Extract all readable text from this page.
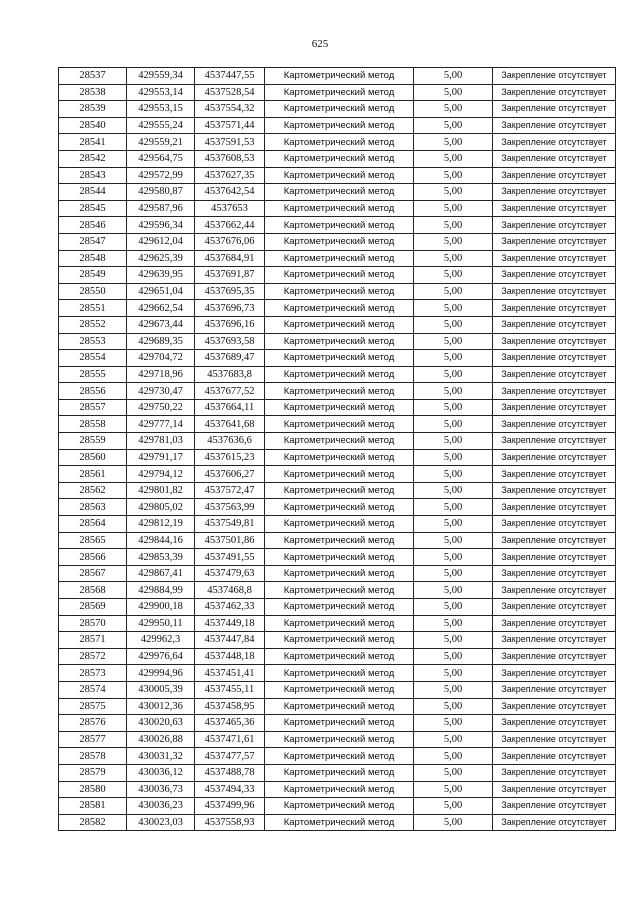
625
28537	429559,34	4537447,55	Картометрический метод	5,00	Закрепление отсутствует
28538	429553,14	4537528,54	Картометрический метод	5,00	Закрепление отсутствует
28539	429553,15	4537554,32	Картометрический метод	5,00	Закрепление отсутствует
28540	429555,24	4537571,44	Картометрический метод	5,00	Закрепление отсутствует
28541	429559,21	4537591,53	Картометрический метод	5,00	Закрепление отсутствует
28542	429564,75	4537608,53	Картометрический метод	5,00	Закрепление отсутствует
28543	429572,99	4537627,35	Картометрический метод	5,00	Закрепление отсутствует
28544	429580,87	4537642,54	Картометрический метод	5,00	Закрепление отсутствует
28545	429587,96	4537653	Картометрический метод	5,00	Закрепление отсутствует
28546	429596,34	4537662,44	Картометрический метод	5,00	Закрепление отсутствует
28547	429612,04	4537676,06	Картометрический метод	5,00	Закрепление отсутствует
28548	429625,39	4537684,91	Картометрический метод	5,00	Закрепление отсутствует
28549	429639,95	4537691,87	Картометрический метод	5,00	Закрепление отсутствует
28550	429651,04	4537695,35	Картометрический метод	5,00	Закрепление отсутствует
28551	429662,54	4537696,73	Картометрический метод	5,00	Закрепление отсутствует
28552	429673,44	4537696,16	Картометрический метод	5,00	Закрепление отсутствует
28553	429689,35	4537693,58	Картометрический метод	5,00	Закрепление отсутствует
28554	429704,72	4537689,47	Картометрический метод	5,00	Закрепление отсутствует
28555	429718,96	4537683,8	Картометрический метод	5,00	Закрепление отсутствует
28556	429730,47	4537677,52	Картометрический метод	5,00	Закрепление отсутствует
28557	429750,22	4537664,11	Картометрический метод	5,00	Закрепление отсутствует
28558	429777,14	4537641,68	Картометрический метод	5,00	Закрепление отсутствует
28559	429781,03	4537636,6	Картометрический метод	5,00	Закрепление отсутствует
28560	429791,17	4537615,23	Картометрический метод	5,00	Закрепление отсутствует
28561	429794,12	4537606,27	Картометрический метод	5,00	Закрепление отсутствует
28562	429801,82	4537572,47	Картометрический метод	5,00	Закрепление отсутствует
28563	429805,02	4537563,99	Картометрический метод	5,00	Закрепление отсутствует
28564	429812,19	4537549,81	Картометрический метод	5,00	Закрепление отсутствует
28565	429844,16	4537501,86	Картометрический метод	5,00	Закрепление отсутствует
28566	429853,39	4537491,55	Картометрический метод	5,00	Закрепление отсутствует
28567	429867,41	4537479,63	Картометрический метод	5,00	Закрепление отсутствует
28568	429884,99	4537468,8	Картометрический метод	5,00	Закрепление отсутствует
28569	429900,18	4537462,33	Картометрический метод	5,00	Закрепление отсутствует
28570	429950,11	4537449,18	Картометрический метод	5,00	Закрепление отсутствует
28571	429962,3	4537447,84	Картометрический метод	5,00	Закрепление отсутствует
28572	429976,64	4537448,18	Картометрический метод	5,00	Закрепление отсутствует
28573	429994,96	4537451,41	Картометрический метод	5,00	Закрепление отсутствует
28574	430005,39	4537455,11	Картометрический метод	5,00	Закрепление отсутствует
28575	430012,36	4537458,95	Картометрический метод	5,00	Закрепление отсутствует
28576	430020,63	4537465,36	Картометрический метод	5,00	Закрепление отсутствует
28577	430026,88	4537471,61	Картометрический метод	5,00	Закрепление отсутствует
28578	430031,32	4537477,57	Картометрический метод	5,00	Закрепление отсутствует
28579	430036,12	4537488,78	Картометрический метод	5,00	Закрепление отсутствует
28580	430036,73	4537494,33	Картометрический метод	5,00	Закрепление отсутствует
28581	430036,23	4537499,96	Картометрический метод	5,00	Закрепление отсутствует
28582	430023,03	4537558,93	Картометрический метод	5,00	Закрепление отсутствует
